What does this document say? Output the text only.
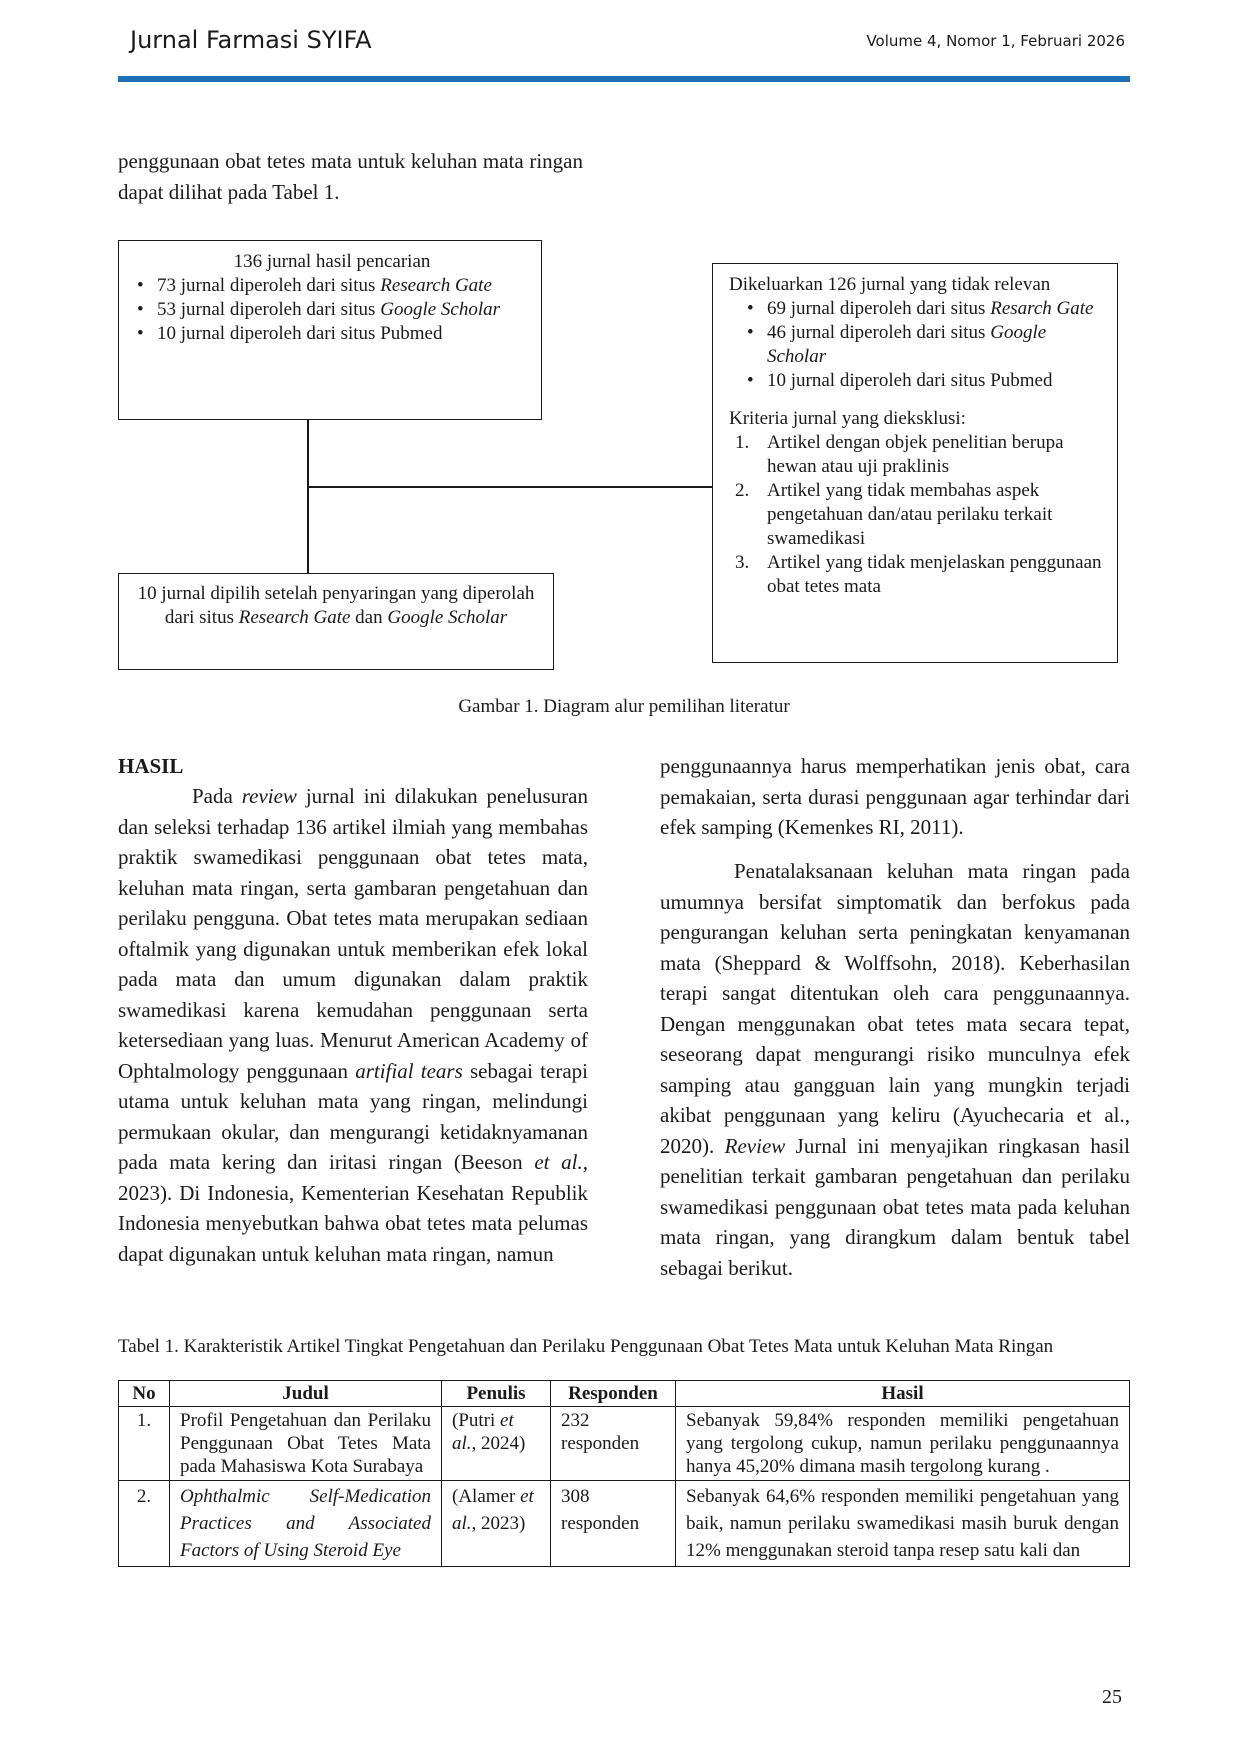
Jurnal Farmasi SYIFA	Volume 4, Nomor 1, Februari 2026
penggunaan obat tetes mata untuk keluhan mata ringan dapat dilihat pada Tabel 1.
136 jurnal hasil pencarian
• 73 jurnal diperoleh dari situs Research Gate
• 53 jurnal diperoleh dari situs Google Scholar
• 10 jurnal diperoleh dari situs Pubmed
10 jurnal dipilih setelah penyaringan yang diperolah dari situs Research Gate dan Google Scholar
Dikeluarkan 126 jurnal yang tidak relevan
• 69 jurnal diperoleh dari situs Resarch Gate
• 46 jurnal diperoleh dari situs Google Scholar
• 10 jurnal diperoleh dari situs Pubmed
Kriteria jurnal yang dieksklusi:
1. Artikel dengan objek penelitian berupa hewan atau uji praklinis
2. Artikel yang tidak membahas aspek pengetahuan dan/atau perilaku terkait swamedikasi
3. Artikel yang tidak menjelaskan penggunaan obat tetes mata
Gambar 1. Diagram alur pemilihan literatur
HASIL
Pada review jurnal ini dilakukan penelusuran dan seleksi terhadap 136 artikel ilmiah yang membahas praktik swamedikasi penggunaan obat tetes mata, keluhan mata ringan, serta gambaran pengetahuan dan perilaku pengguna. Obat tetes mata merupakan sediaan oftalmik yang digunakan untuk memberikan efek lokal pada mata dan umum digunakan dalam praktik swamedikasi karena kemudahan penggunaan serta ketersediaan yang luas. Menurut American Academy of Ophtalmology penggunaan artifial tears sebagai terapi utama untuk keluhan mata yang ringan, melindungi permukaan okular, dan mengurangi ketidaknyamanan pada mata kering dan iritasi ringan (Beeson et al., 2023). Di Indonesia, Kementerian Kesehatan Republik Indonesia menyebutkan bahwa obat tetes mata pelumas dapat digunakan untuk keluhan mata ringan, namun
penggunaannya harus memperhatikan jenis obat, cara pemakaian, serta durasi penggunaan agar terhindar dari efek samping (Kemenkes RI, 2011).
Penatalaksanaan keluhan mata ringan pada umumnya bersifat simptomatik dan berfokus pada pengurangan keluhan serta peningkatan kenyamanan mata (Sheppard & Wolffsohn, 2018). Keberhasilan terapi sangat ditentukan oleh cara penggunaannya. Dengan menggunakan obat tetes mata secara tepat, seseorang dapat mengurangi risiko munculnya efek samping atau gangguan lain yang mungkin terjadi akibat penggunaan yang keliru (Ayuchecaria et al., 2020). Review Jurnal ini menyajikan ringkasan hasil penelitian terkait gambaran pengetahuan dan perilaku swamedikasi penggunaan obat tetes mata pada keluhan mata ringan, yang dirangkum dalam bentuk tabel sebagai berikut.
Tabel 1. Karakteristik Artikel Tingkat Pengetahuan dan Perilaku Penggunaan Obat Tetes Mata untuk Keluhan Mata Ringan
No	Judul	Penulis	Responden	Hasil
1.	Profil Pengetahuan dan Perilaku Penggunaan Obat Tetes Mata pada Mahasiswa Kota Surabaya	(Putri et al., 2024)	232 responden	Sebanyak 59,84% responden memiliki pengetahuan yang tergolong cukup, namun perilaku penggunaannya hanya 45,20% dimana masih tergolong kurang .
2.	Ophthalmic Self-Medication Practices and Associated Factors of Using Steroid Eye	(Alamer et al., 2023)	308 responden	Sebanyak 64,6% responden memiliki pengetahuan yang baik, namun perilaku swamedikasi masih buruk dengan 12% menggunakan steroid tanpa resep satu kali dan
25
